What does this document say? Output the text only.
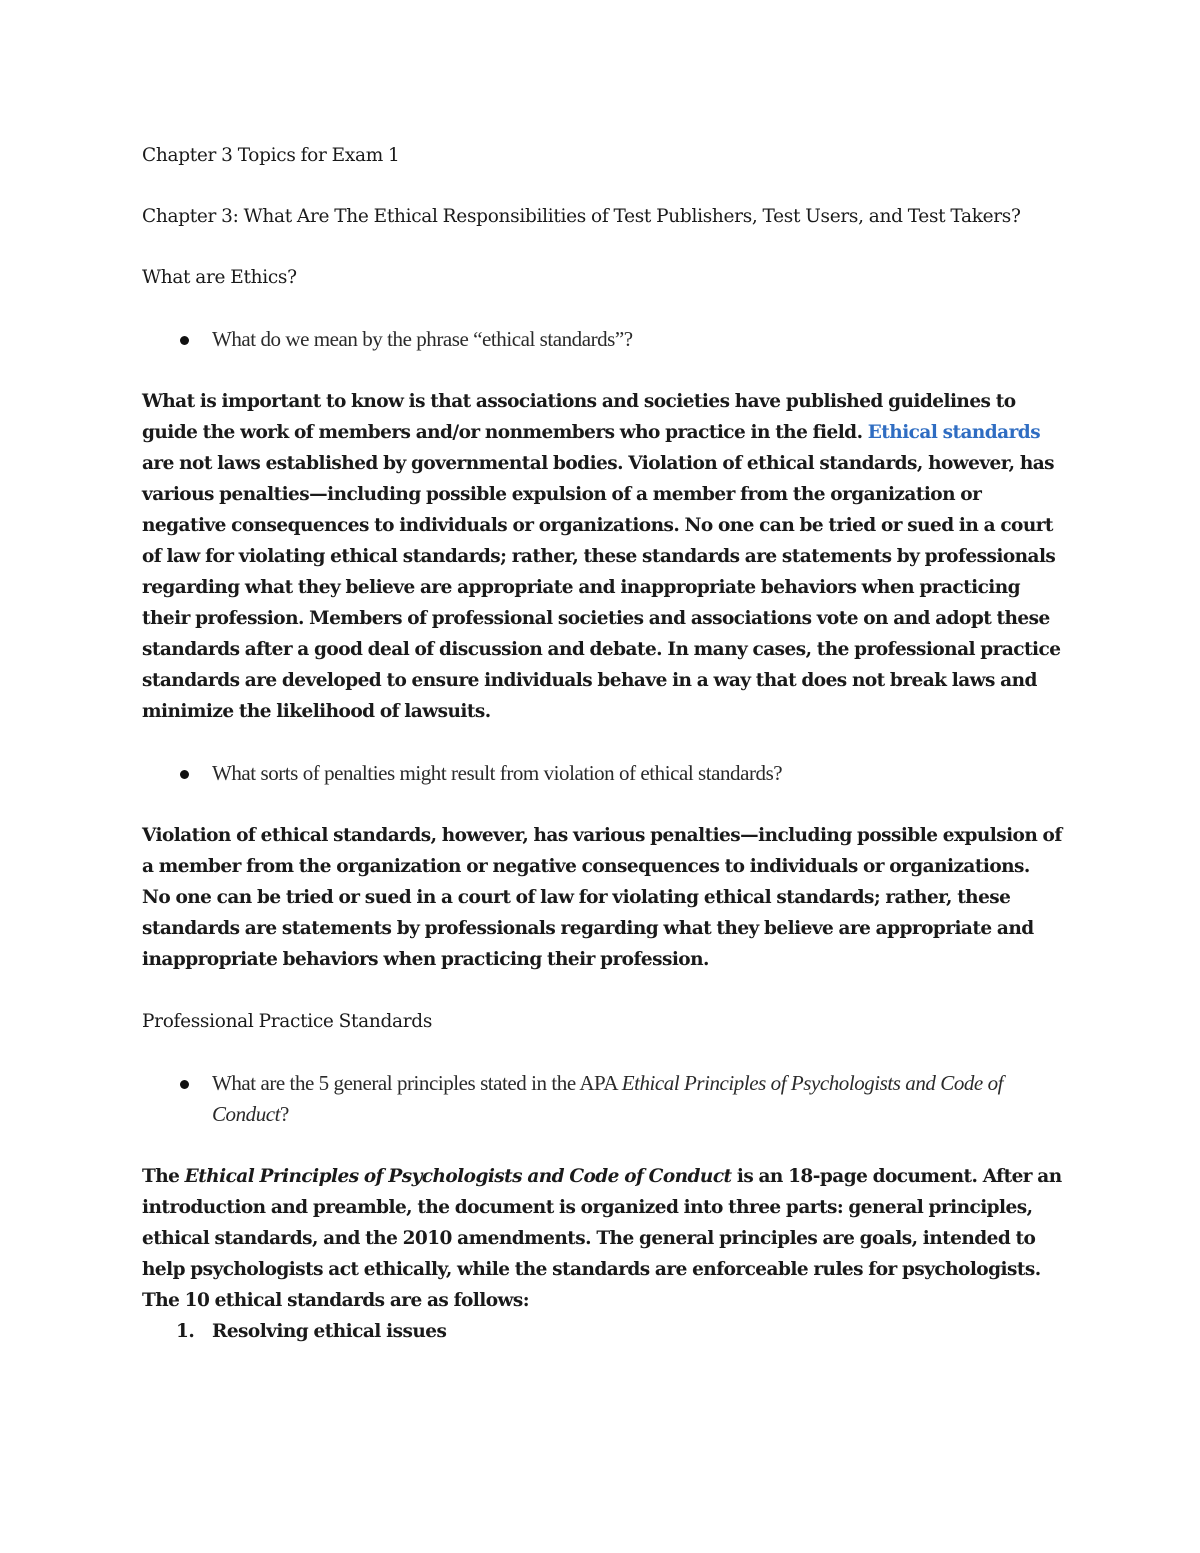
Chapter 3 Topics for Exam 1

Chapter 3: What Are The Ethical Responsibilities of Test Publishers, Test Users, and Test Takers?

What are Ethics?

What do we mean by the phrase “ethical standards”?

What is important to know is that associations and societies have published guidelines to guide the work of members and/or nonmembers who practice in the field. Ethical standards are not laws established by governmental bodies. Violation of ethical standards, however, has various penalties—including possible expulsion of a member from the organization or negative consequences to individuals or organizations. No one can be tried or sued in a court of law for violating ethical standards; rather, these standards are statements by professionals regarding what they believe are appropriate and inappropriate behaviors when practicing their profession. Members of professional societies and associations vote on and adopt these standards after a good deal of discussion and debate. In many cases, the professional practice standards are developed to ensure individuals behave in a way that does not break laws and minimize the likelihood of lawsuits.

What sorts of penalties might result from violation of ethical standards?

Violation of ethical standards, however, has various penalties—including possible expulsion of a member from the organization or negative consequences to individuals or organizations. No one can be tried or sued in a court of law for violating ethical standards; rather, these standards are statements by professionals regarding what they believe are appropriate and inappropriate behaviors when practicing their profession.

Professional Practice Standards

What are the 5 general principles stated in the APA Ethical Principles of Psychologists and Code of Conduct?

The Ethical Principles of Psychologists and Code of Conduct is an 18-page document. After an introduction and preamble, the document is organized into three parts: general principles, ethical standards, and the 2010 amendments. The general principles are goals, intended to help psychologists act ethically, while the standards are enforceable rules for psychologists. The 10 ethical standards are as follows:

1. Resolving ethical issues
